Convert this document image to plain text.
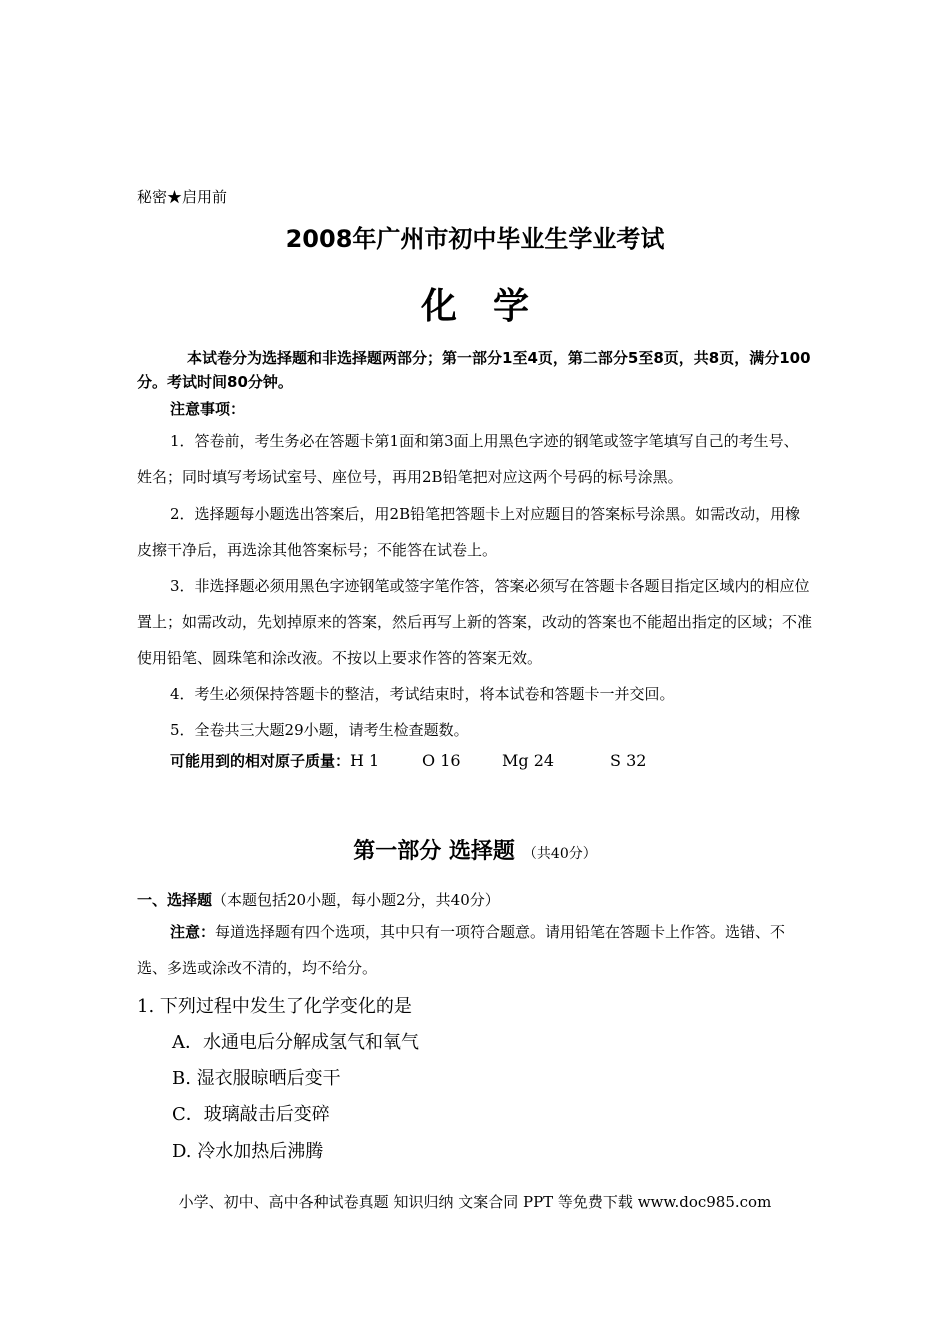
秘密★启用前
2008年广州市初中毕业生学业考试
化学
本试卷分为选择题和非选择题两部分；第一部分1至4页，第二部分5至8页，共8页，满分100分。考试时间80分钟。
注意事项：
1．答卷前，考生务必在答题卡第1面和第3面上用黑色字迹的钢笔或签字笔填写自己的考生号、姓名；同时填写考场试室号、座位号，再用2B铅笔把对应这两个号码的标号涂黑。
2．选择题每小题选出答案后，用2B铅笔把答题卡上对应题目的答案标号涂黑。如需改动，用橡皮擦干净后，再选涂其他答案标号；不能答在试卷上。
3．非选择题必须用黑色字迹钢笔或签字笔作答，答案必须写在答题卡各题目指定区域内的相应位置上；如需改动，先划掉原来的答案，然后再写上新的答案，改动的答案也不能超出指定的区域；不准使用铅笔、圆珠笔和涂改液。不按以上要求作答的答案无效。
4．考生必须保持答题卡的整洁，考试结束时，将本试卷和答题卡一并交回。
5．全卷共三大题29小题，请考生检查题数。
可能用到的相对原子质量：H 1	O 16	Mg 24	S 32
第一部分 选择题 （共40分）
一、选择题（本题包括20小题，每小题2分，共40分）
注意：每道选择题有四个选项，其中只有一项符合题意。请用铅笔在答题卡上作答。选错、不选、多选或涂改不清的，均不给分。
1. 下列过程中发生了化学变化的是
A．水通电后分解成氢气和氧气
B. 湿衣服晾晒后变干
C．玻璃敲击后变碎
D. 冷水加热后沸腾
小学、初中、高中各种试卷真题 知识归纳 文案合同 PPT 等免费下载 www.doc985.com
